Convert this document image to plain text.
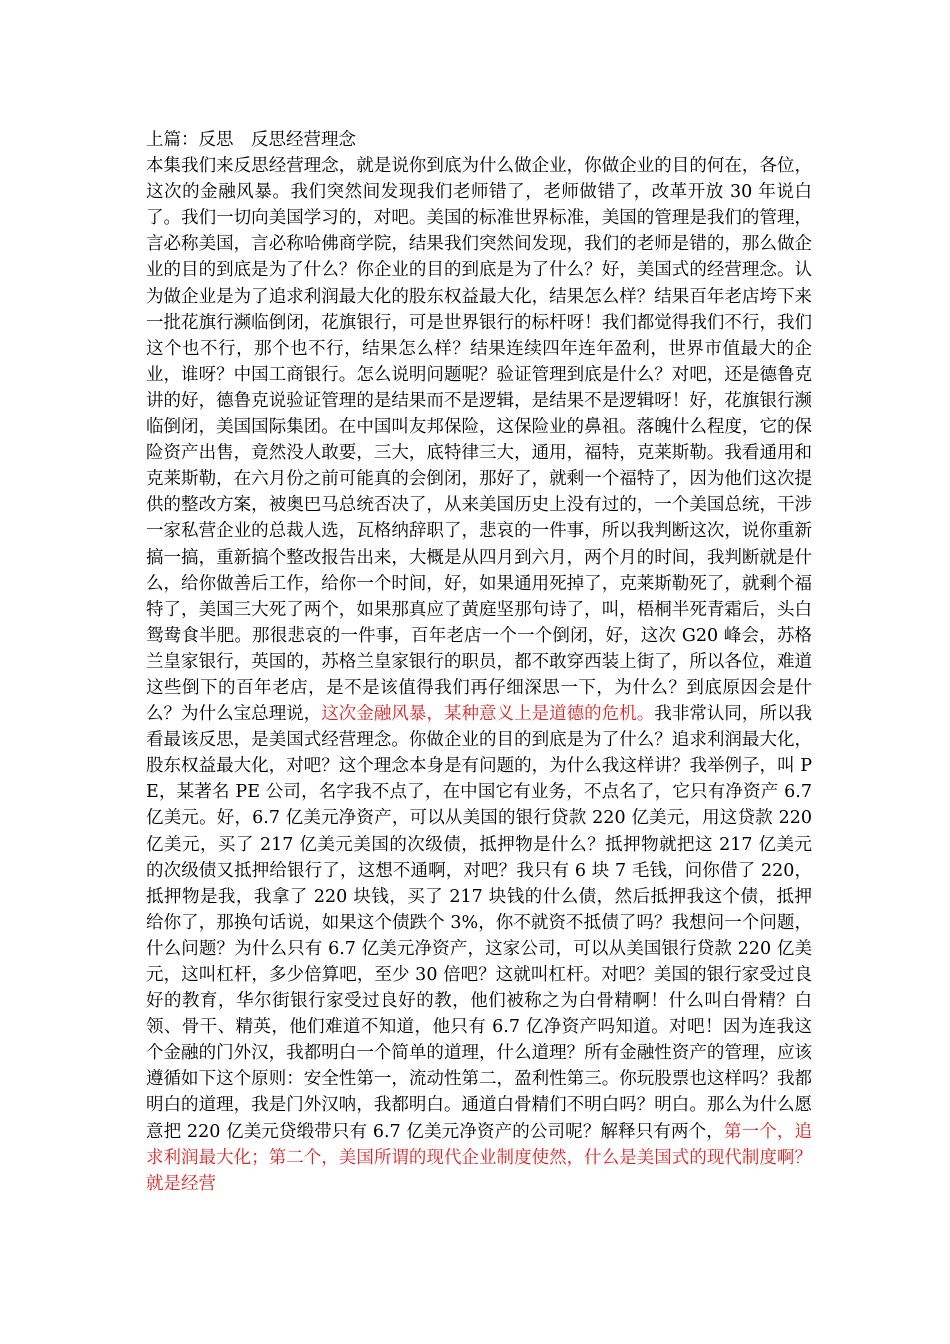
上篇：反思　反思经营理念

本集我们来反思经营理念，就是说你到底为什么做企业，你做企业的目的何在，各位，这次的金融风暴。我们突然间发现我们老师错了，老师做错了，改革开放 30 年说白了。我们一切向美国学习的，对吧。美国的标准世界标准，美国的管理是我们的管理，言必称美国，言必称哈佛商学院，结果我们突然间发现，我们的老师是错的，那么做企业的目的到底是为了什么？你企业的目的到底是为了什么？好，美国式的经营理念。认为做企业是为了追求利润最大化的股东权益最大化，结果怎么样？结果百年老店垮下来一批花旗行濒临倒闭，花旗银行，可是世界银行的标杆呀！我们都觉得我们不行，我们这个也不行，那个也不行，结果怎么样？结果连续四年连年盈利，世界市值最大的企业，谁呀？中国工商银行。怎么说明问题呢？验证管理到底是什么？对吧，还是德鲁克讲的好，德鲁克说验证管理的是结果而不是逻辑，是结果不是逻辑呀！好，花旗银行濒临倒闭，美国国际集团。在中国叫友邦保险，这保险业的鼻祖。落魄什么程度，它的保险资产出售，竟然没人敢要，三大，底特律三大，通用，福特，克莱斯勒。我看通用和克莱斯勒，在六月份之前可能真的会倒闭，那好了，就剩一个福特了，因为他们这次提供的整改方案，被奥巴马总统否决了，从来美国历史上没有过的，一个美国总统，干涉一家私营企业的总裁人选，瓦格纳辞职了，悲哀的一件事，所以我判断这次，说你重新搞一搞，重新搞个整改报告出来，大概是从四月到六月，两个月的时间，我判断就是什么，给你做善后工作，给你一个时间，好，如果通用死掉了，克莱斯勒死了，就剩个福特了，美国三大死了两个，如果那真应了黄庭坚那句诗了，叫，梧桐半死青霜后，头白鸳鸯食半肥。那很悲哀的一件事，百年老店一个一个倒闭，好，这次 G20 峰会，苏格兰皇家银行，英国的，苏格兰皇家银行的职员，都不敢穿西装上街了，所以各位，难道这些倒下的百年老店，是不是该值得我们再仔细深思一下，为什么？到底原因会是什么？为什么宝总理说，这次金融风暴，某种意义上是道德的危机。我非常认同，所以我看最该反思，是美国式经营理念。你做企业的目的到底是为了什么？追求利润最大化，股东权益最大化，对吧？这个理念本身是有问题的，为什么我这样讲？我举例子，叫 PE，某著名 PE 公司，名字我不点了，在中国它有业务，不点名了，它只有净资产 6.7 亿美元。好，6.7 亿美元净资产，可以从美国的银行贷款 220 亿美元，用这贷款 220 亿美元，买了 217 亿美元美国的次级债，抵押物是什么？抵押物就把这 217 亿美元的次级债又抵押给银行了，这想不通啊，对吧？我只有 6 块 7 毛钱，问你借了 220，抵押物是我，我拿了 220 块钱，买了 217 块钱的什么债，然后抵押我这个债，抵押给你了，那换句话说，如果这个债跌个 3%，你不就资不抵债了吗？我想问一个问题，什么问题？为什么只有 6.7 亿美元净资产，这家公司，可以从美国银行贷款 220 亿美元，这叫杠杆，多少倍算吧，至少 30 倍吧？这就叫杠杆。对吧？美国的银行家受过良好的教育，华尔街银行家受过良好的教，他们被称之为白骨精啊！什么叫白骨精？白领、骨干、精英，他们难道不知道，他只有 6.7 亿净资产吗知道。对吧！因为连我这个金融的门外汉，我都明白一个简单的道理，什么道理？所有金融性资产的管理，应该遵循如下这个原则：安全性第一，流动性第二，盈利性第三。你玩股票也这样吗？我都明白的道理，我是门外汉呐，我都明白。通道白骨精们不明白吗？明白。那么为什么愿意把 220 亿美元贷缎带只有 6.7 亿美元净资产的公司呢？解释只有两个，第一个，追求利润最大化；第二个，美国所谓的现代企业制度使然，什么是美国式的现代制度啊？就是经营
